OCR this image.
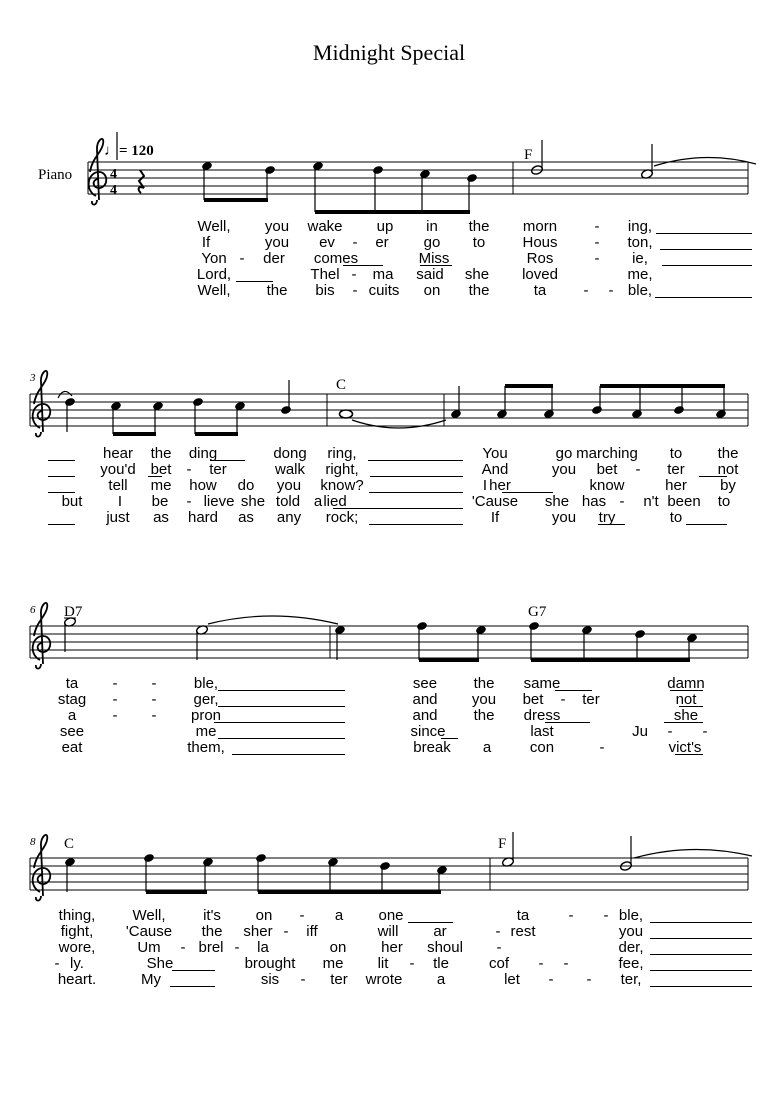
Midnight Special
Piano
♩= 120
3
6
8
F
C
D7	G7
C	F
4
4
Well, you wake up in the morn - ing,
If	you ev - er go to Hous - ton,
Yon - der comes	Miss	Ros	- ie,
Lord,	Thel - ma said she loved	me,
Well, the bis - cuits on the	ta - - ble,
hear the ding	dong ring,	You	go marching to the
you'd bet - ter	walk right,	And	you bet - ter not
tell me how do you know?	I	know	her by
her
but I be - lieve she told a lied	'Cause she has - n't been to
just as hard as any rock;	If	you try	to
ta - - ble,	see the same	damn
stag - - ger,	and you bet - ter	not
a - - pron	and the dress	she
see	me	since	last	Ju - -
eat	them,	break a	con	-	vict's
thing, Well,	it's on - a one	ta	- - ble,
fight, 'Cause the sher - iff	will ar	- rest	you
wore,	Um - brel - la	on her shoul -	der,
- ly.	She	brought me lit - tle	cof - -	fee,
heart.	My	sis - ter wrote a	let - - ter,
